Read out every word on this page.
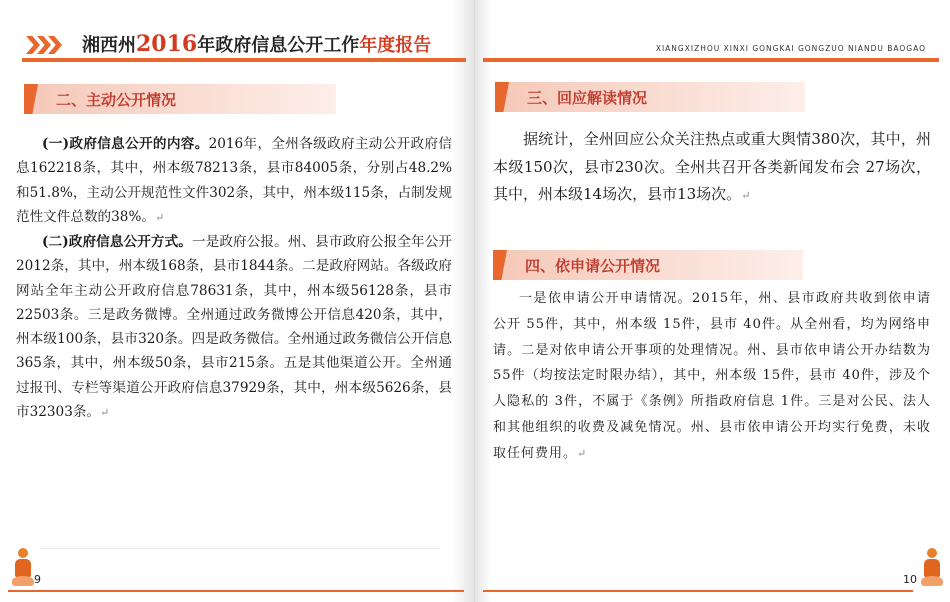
湘西州2016年政府信息公开工作年度报告
二、主动公开情况
(一)政府信息公开的内容。2016年，全州各级政府主动公开政府信息162218条，其中，州本级78213条，县市84005条，分别占48.2%和51.8%，主动公开规范性文件302条，其中，州本级115条，占制发规范性文件总数的38%。↵
(二)政府信息公开方式。一是政府公报。州、县市政府公报全年公开2012条，其中，州本级168条，县市1844条。二是政府网站。各级政府网站全年主动公开政府信息78631条，其中，州本级56128条，县市22503条。三是政务微博。全州通过政务微博公开信息420条，其中，州本级100条，县市320条。四是政务微信。全州通过政务微信公开信息365条，其中，州本级50条，县市215条。五是其他渠道公开。全州通过报刊、专栏等渠道公开政府信息37929条，其中，州本级5626条，县市32303条。↵
9
XIANGXIZHOU XINXI GONGKAI GONGZUO NIANDU BAOGAO
三、回应解读情况
据统计，全州回应公众关注热点或重大舆情380次，其中，州本级150次，县市230次。全州共召开各类新闻发布会 27场次，其中，州本级14场次，县市13场次。↵
四、依申请公开情况
一是依申请公开申请情况。2015年，州、县市政府共收到依申请公开 55件，其中，州本级 15件，县市 40件。从全州看，均为网络申请。二是对依申请公开事项的处理情况。州、县市依申请公开办结数为 55件（均按法定时限办结），其中，州本级 15件，县市 40件，涉及个人隐私的 3件，不属于《条例》所指政府信息 1件。三是对公民、法人和其他组织的收费及减免情况。州、县市依申请公开均实行免费，未收取任何费用。↵
10
